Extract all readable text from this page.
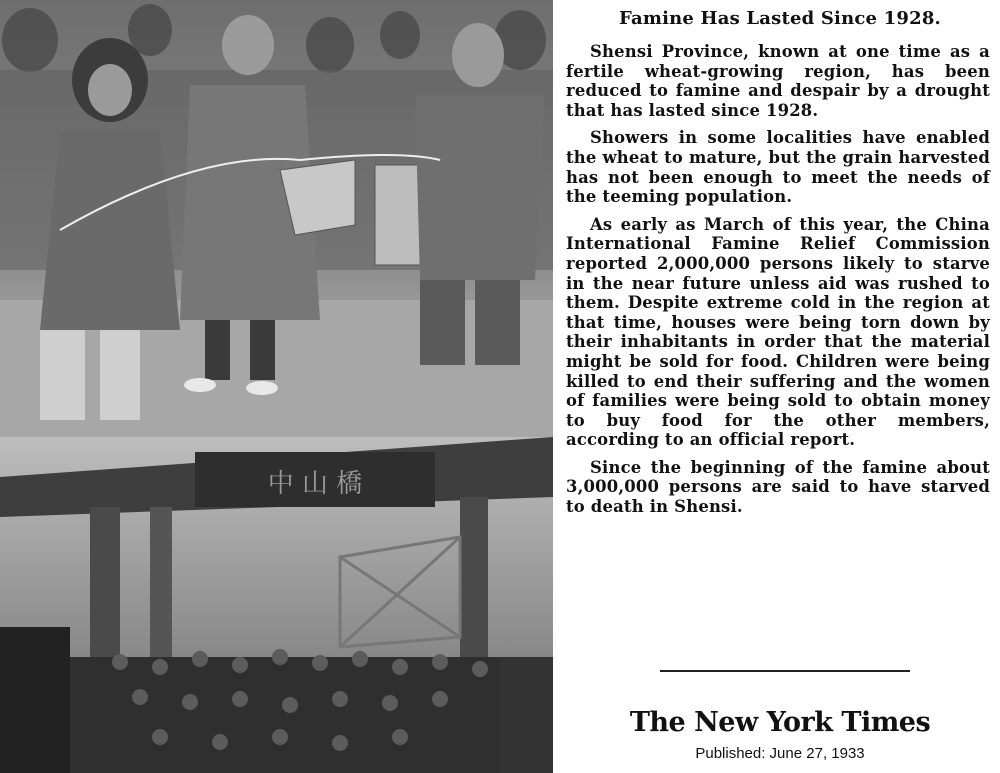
中 山 橋
Famine Has Lasted Since 1928.

Shensi Province, known at one time as a fertile wheat-growing region, has been reduced to famine and despair by a drought that has lasted since 1928.

Showers in some localities have enabled the wheat to mature, but the grain harvested has not been enough to meet the needs of the teeming population.

As early as March of this year, the China International Famine Relief Commission reported 2,000,000 persons likely to starve in the near future unless aid was rushed to them. Despite extreme cold in the region at that time, houses were being torn down by their inhabitants in order that the material might be sold for food. Children were being killed to end their suffering and the women of families were being sold to obtain money to buy food for the other members, according to an official report.

Since the beginning of the famine about 3,000,000 persons are said to have starved to death in Shensi.

The New York Times
Published: June 27, 1933
